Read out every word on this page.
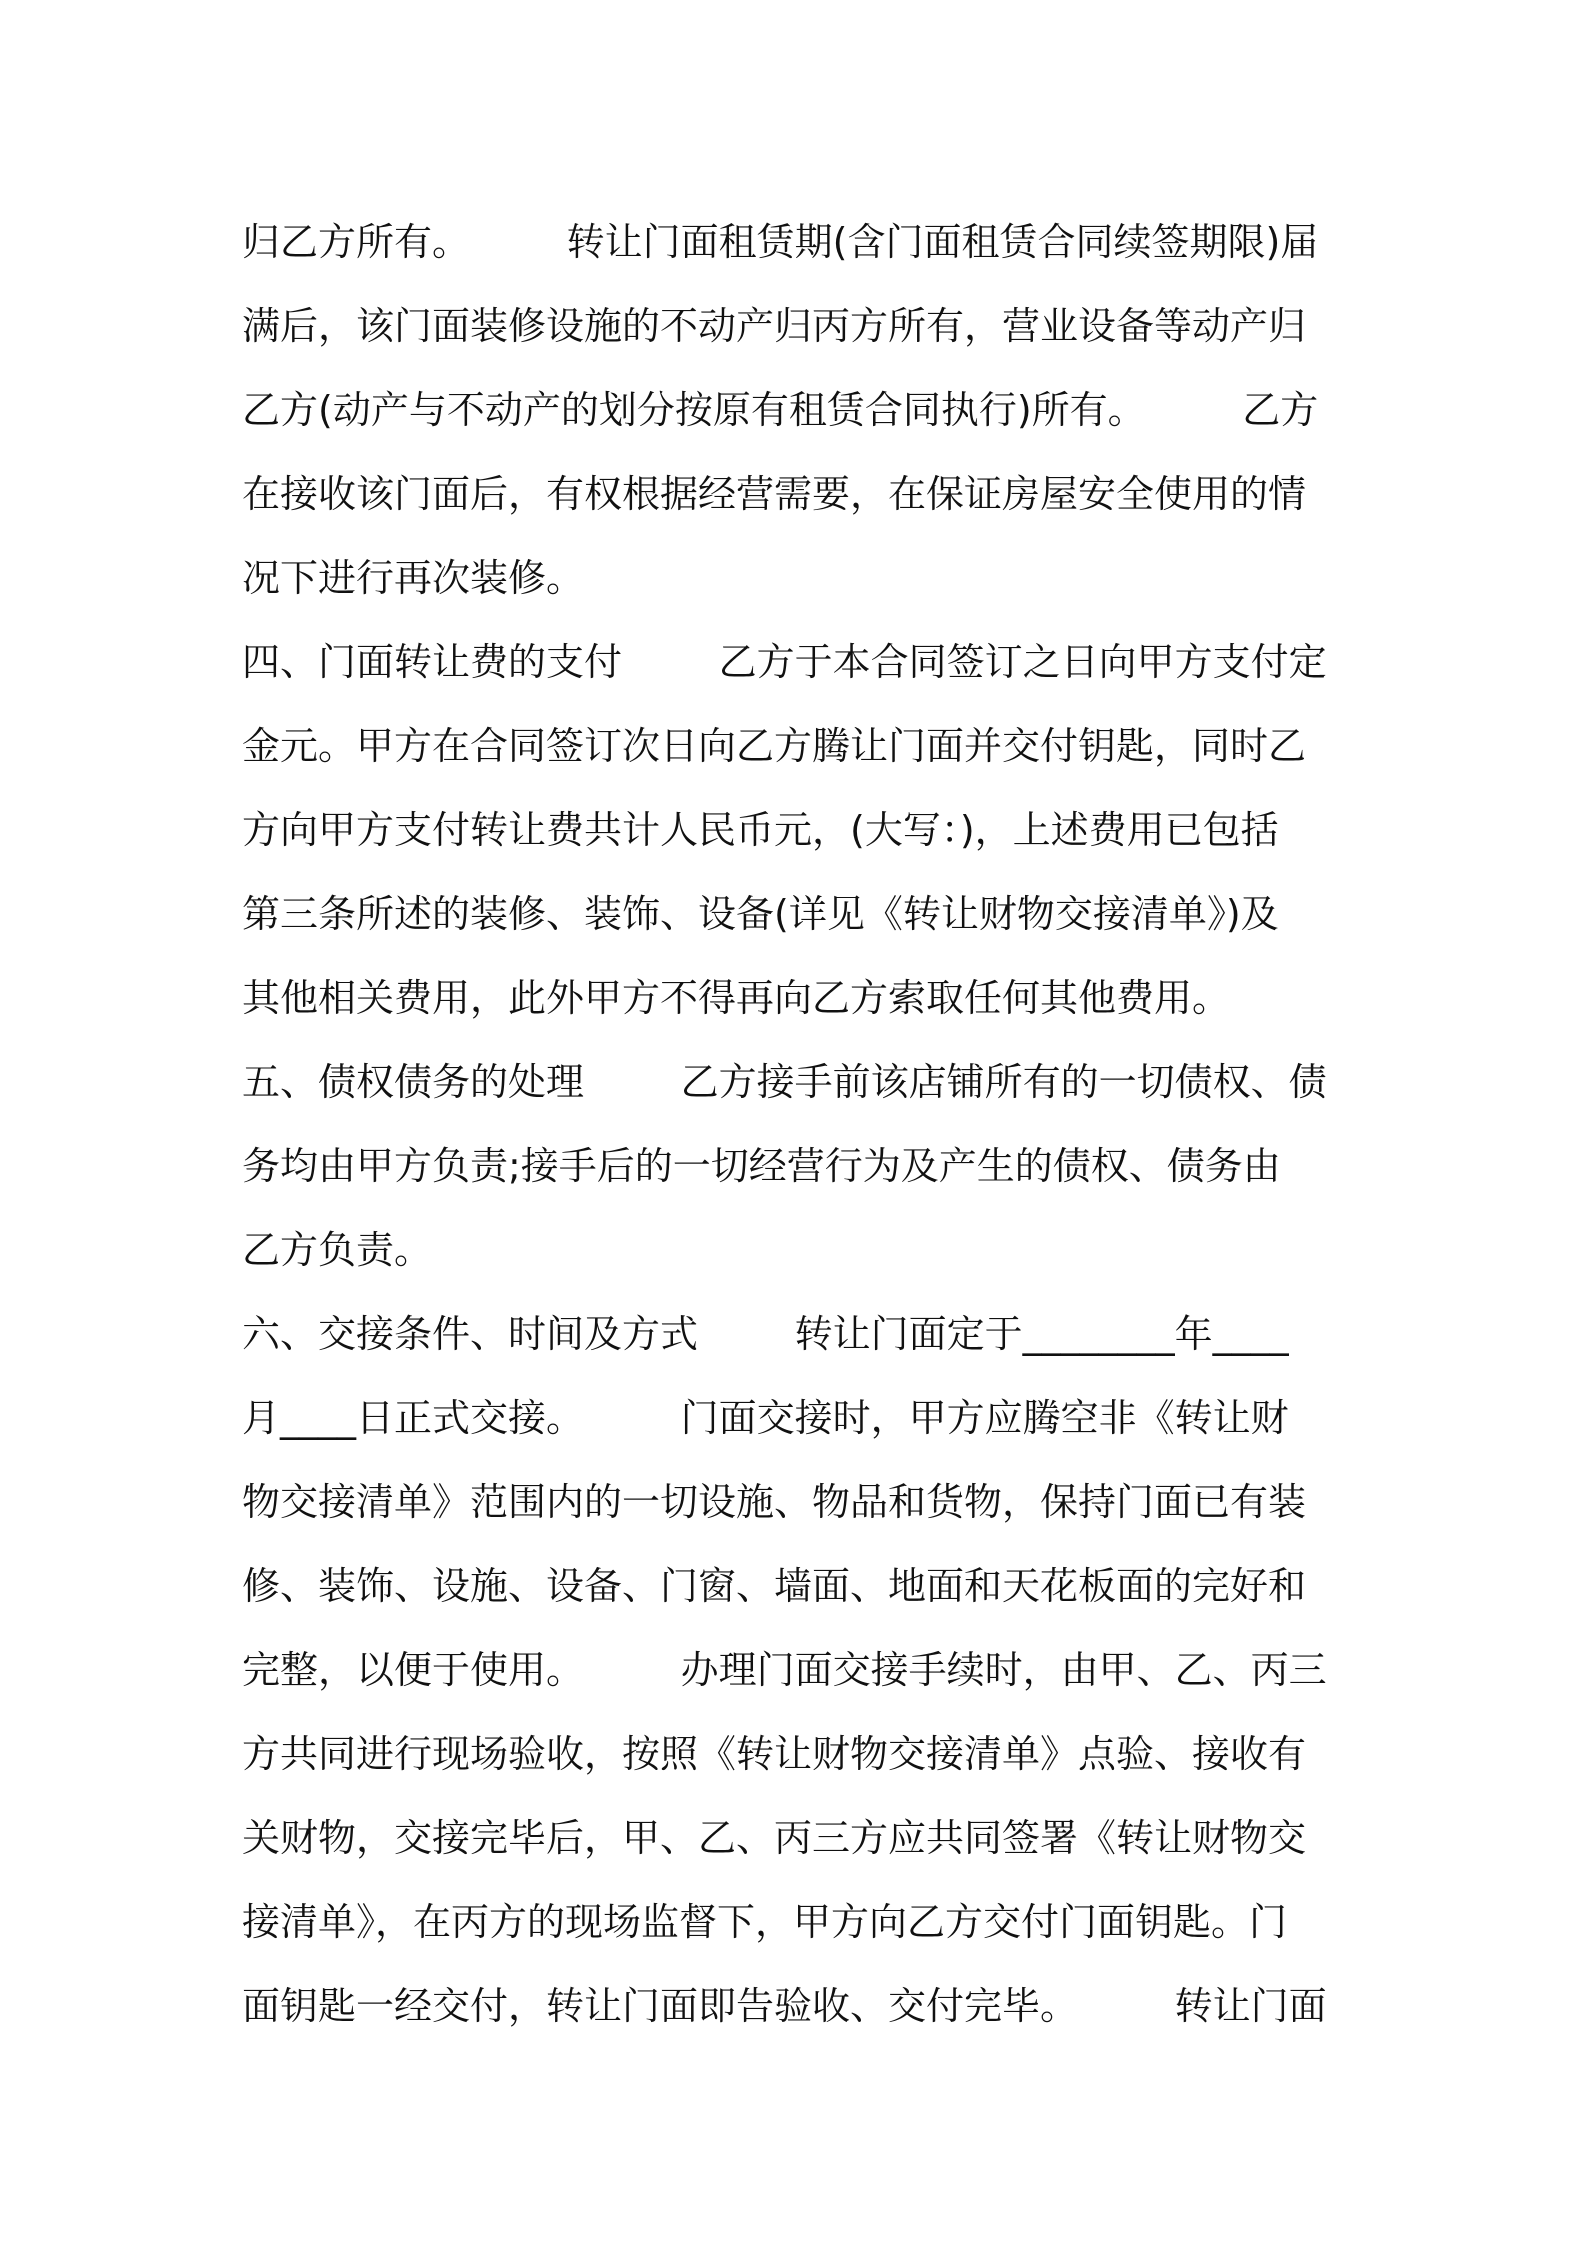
归乙方所有。        转让门面租赁期(含门面租赁合同续签期限)届
满后，该门面装修设施的不动产归丙方所有，营业设备等动产归
乙方(动产与不动产的划分按原有租赁合同执行)所有。        乙方
在接收该门面后，有权根据经营需要，在保证房屋安全使用的情
况下进行再次装修。
四、门面转让费的支付        乙方于本合同签订之日向甲方支付定
金元。甲方在合同签订次日向乙方腾让门面并交付钥匙，同时乙
方向甲方支付转让费共计人民币元，(大写：)，上述费用已包括
第三条所述的装修、装饰、设备(详见《转让财物交接清单》)及
其他相关费用，此外甲方不得再向乙方索取任何其他费用。
五、债权债务的处理        乙方接手前该店铺所有的一切债权、债
务均由甲方负责;接手后的一切经营行为及产生的债权、债务由
乙方负责。
六、交接条件、时间及方式        转让门面定于________年____
月____日正式交接。        门面交接时，甲方应腾空非《转让财
物交接清单》范围内的一切设施、物品和货物，保持门面已有装
修、装饰、设施、设备、门窗、墙面、地面和天花板面的完好和
完整，以便于使用。        办理门面交接手续时，由甲、乙、丙三
方共同进行现场验收，按照《转让财物交接清单》点验、接收有
关财物，交接完毕后，甲、乙、丙三方应共同签署《转让财物交
接清单》，在丙方的现场监督下，甲方向乙方交付门面钥匙。门
面钥匙一经交付，转让门面即告验收、交付完毕。        转让门面
